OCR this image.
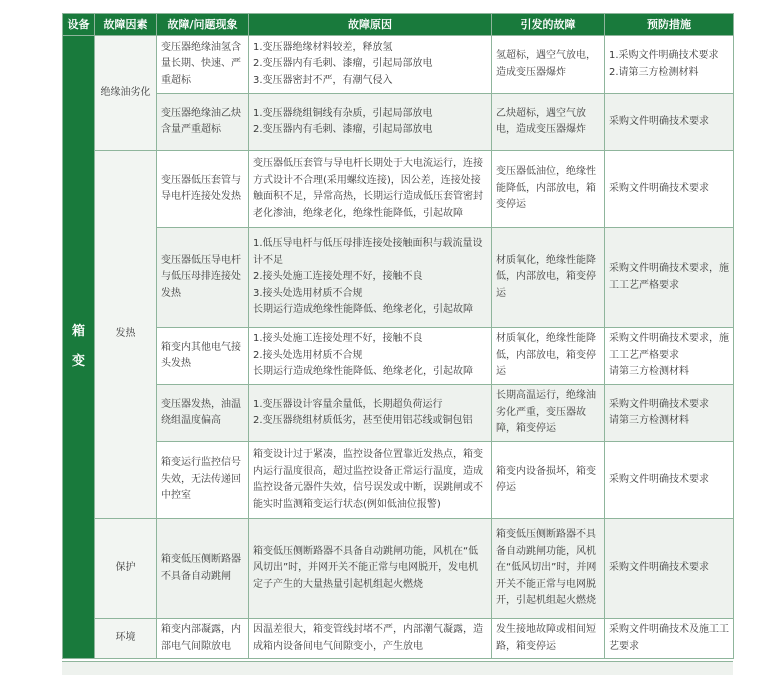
设备	故障因素	故障/问题现象	故障原因	引发的故障	预防措施

箱
变	绝缘油劣化	变压器绝缘油氢含量长期、快速、严重超标	1.变压器绝缘材料较差，释放氢
2.变压器内有毛刺、漆瘤，引起局部放电
3.变压器密封不严，有潮气侵入	氢超标，遇空气放电，造成变压器爆炸	1.采购文件明确技术要求
2.请第三方检测材料

		变压器绝缘油乙炔含量严重超标	1.变压器绕组铜线有杂质，引起局部放电
2.变压器内有毛刺、漆瘤，引起局部放电	乙炔超标，遇空气放电，造成变压器爆炸	采购文件明确技术要求

	发热	变压器低压套管与导电杆连接处发热	变压器低压套管与导电杆长期处于大电流运行，连接方式设计不合理(采用螺纹连接)，因公差，连接处接触面积不足，异常高热，长期运行造成低压套管密封老化渗油，绝缘老化，绝缘性能降低，引起故障	变压器低油位，绝缘性能降低，内部放电，箱变停运	采购文件明确技术要求

		变压器低压导电杆与低压母排连接处发热	1.低压导电杆与低压母排连接处接触面积与载流量设计不足
2.接头处施工连接处理不好，接触不良
3.接头处选用材质不合规
长期运行造成绝缘性能降低、绝缘老化，引起故障	材质氧化，绝缘性能降低，内部放电，箱变停运	采购文件明确技术要求，施工工艺严格要求

		箱变内其他电气接头发热	1.接头处施工连接处理不好，接触不良
2.接头处选用材质不合规
长期运行造成绝缘性能降低、绝缘老化，引起故障	材质氧化，绝缘性能降低，内部放电，箱变停运	采购文件明确技术要求，施工工艺严格要求
请第三方检测材料

		变压器发热，油温绕组温度偏高	1.变压器设计容量余量低，长期超负荷运行
2.变压器绕组材质低劣，甚至使用铝芯线或铜包铝	长期高温运行，绝缘油劣化严重，变压器故障，箱变停运	采购文件明确技术要求
请第三方检测材料

		箱变运行监控信号失效，无法传递回中控室	箱变设计过于紧凑，监控设备位置靠近发热点，箱变内运行温度很高，超过监控设备正常运行温度，造成监控设备元器件失效，信号误发或中断，误跳闸或不能实时监测箱变运行状态(例如低油位报警)	箱变内设备损坏，箱变停运	采购文件明确技术要求

	保护	箱变低压侧断路器不具备自动跳闸	箱变低压侧断路器不具备自动跳闸功能，风机在“低风切出”时，并网开关不能正常与电网脱开，发电机定子产生的大量热量引起机组起火燃烧	箱变低压侧断路器不具备自动跳闸功能，风机在“低风切出”时，并网开关不能正常与电网脱开，引起机组起火燃烧	采购文件明确技术要求

	环境	箱变内部凝露，内部电气间隙放电	因温差很大，箱变管线封堵不严，内部潮气凝露，造成箱内设备间电气间隙变小，产生放电	发生接地故障或相间短路，箱变停运	采购文件明确技术及施工工艺要求
